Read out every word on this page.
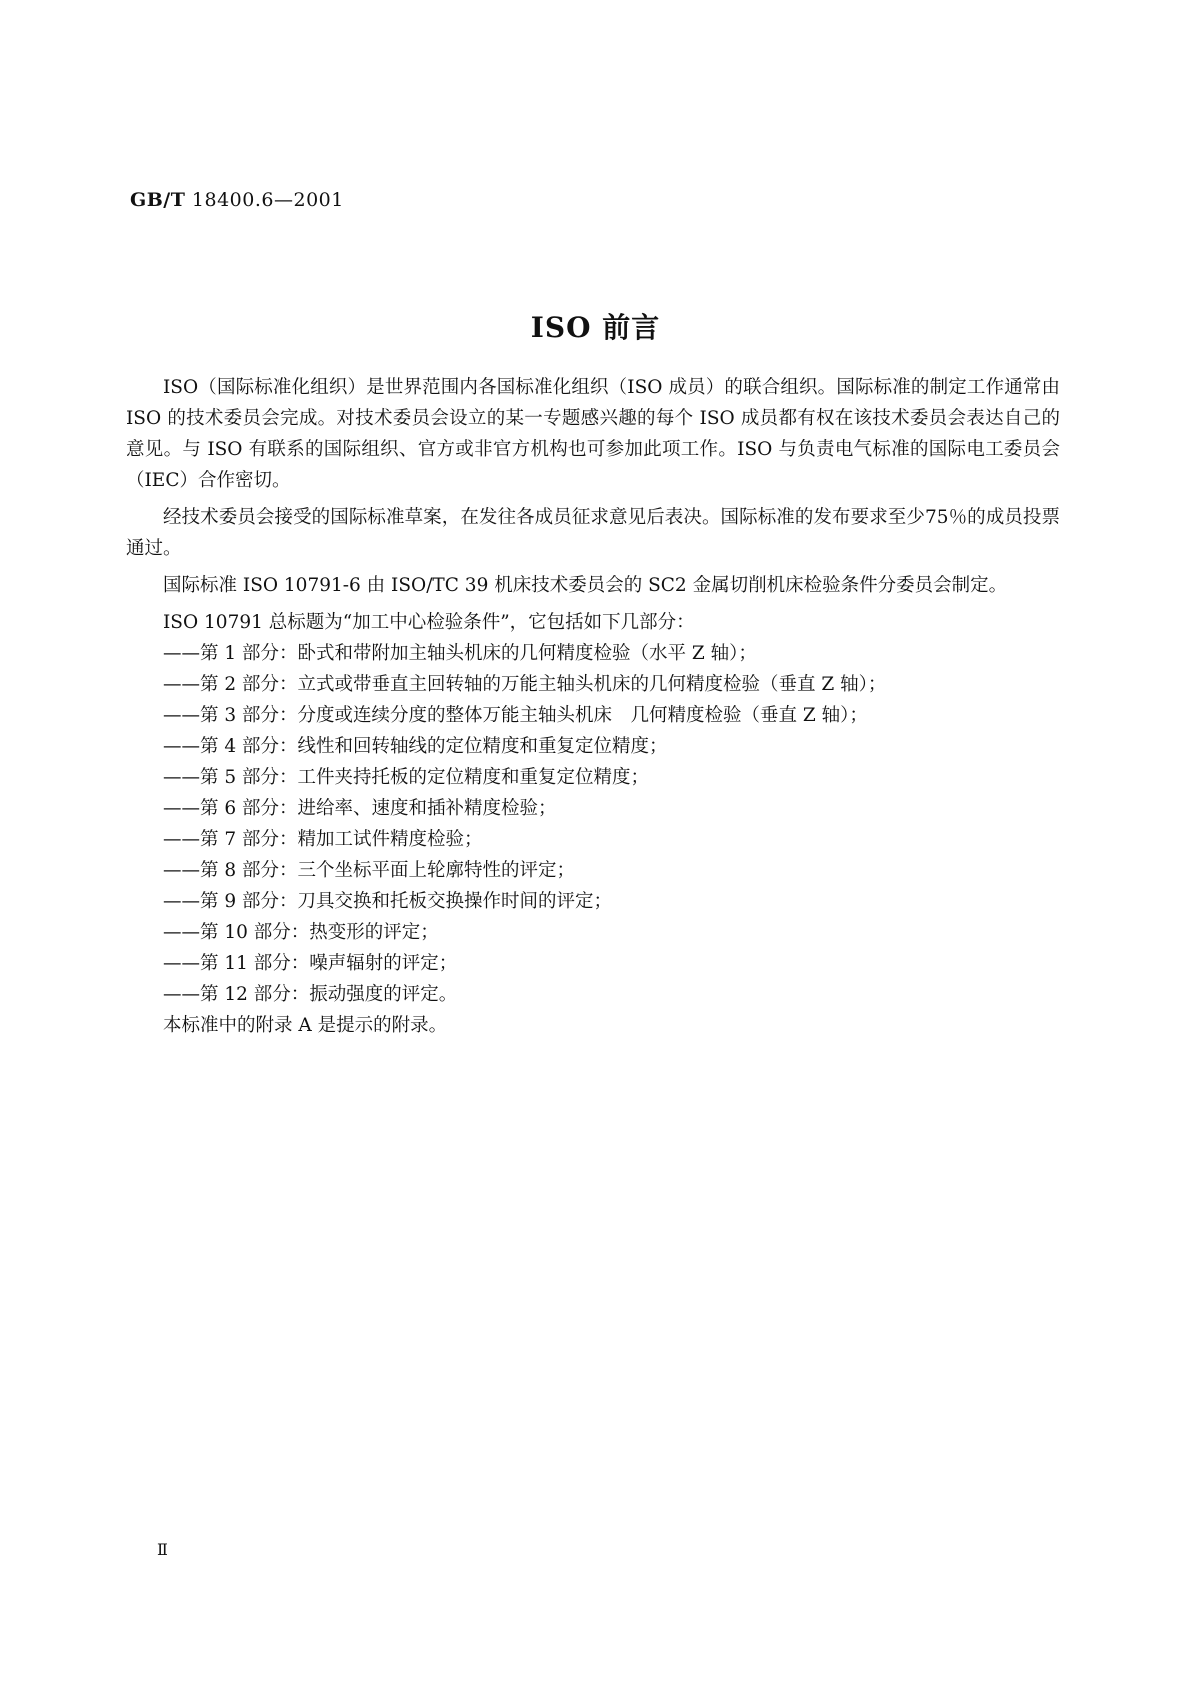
GB/T 18400.6—2001
ISO 前言

ISO（国际标准化组织）是世界范围内各国标准化组织（ISO 成员）的联合组织。国际标准的制定工作通常由 ISO 的技术委员会完成。对技术委员会设立的某一专题感兴趣的每个 ISO 成员都有权在该技术委员会表达自己的意见。与 ISO 有联系的国际组织、官方或非官方机构也可参加此项工作。ISO 与负责电气标准的国际电工委员会（IEC）合作密切。

经技术委员会接受的国际标准草案，在发往各成员征求意见后表决。国际标准的发布要求至少75％的成员投票通过。

国际标准 ISO 10791-6 由 ISO/TC 39 机床技术委员会的 SC2 金属切削机床检验条件分委员会制定。

ISO 10791 总标题为“加工中心检验条件”，它包括如下几部分：

——第 1 部分：卧式和带附加主轴头机床的几何精度检验（水平 Z 轴）；
——第 2 部分：立式或带垂直主回转轴的万能主轴头机床的几何精度检验（垂直 Z 轴）；
——第 3 部分：分度或连续分度的整体万能主轴头机床　几何精度检验（垂直 Z 轴）；
——第 4 部分：线性和回转轴线的定位精度和重复定位精度；
——第 5 部分：工件夹持托板的定位精度和重复定位精度；
——第 6 部分：进给率、速度和插补精度检验；
——第 7 部分：精加工试件精度检验；
——第 8 部分：三个坐标平面上轮廓特性的评定；
——第 9 部分：刀具交换和托板交换操作时间的评定；
——第 10 部分：热变形的评定；
——第 11 部分：噪声辐射的评定；
——第 12 部分：振动强度的评定。

本标准中的附录 A 是提示的附录。

Ⅱ
